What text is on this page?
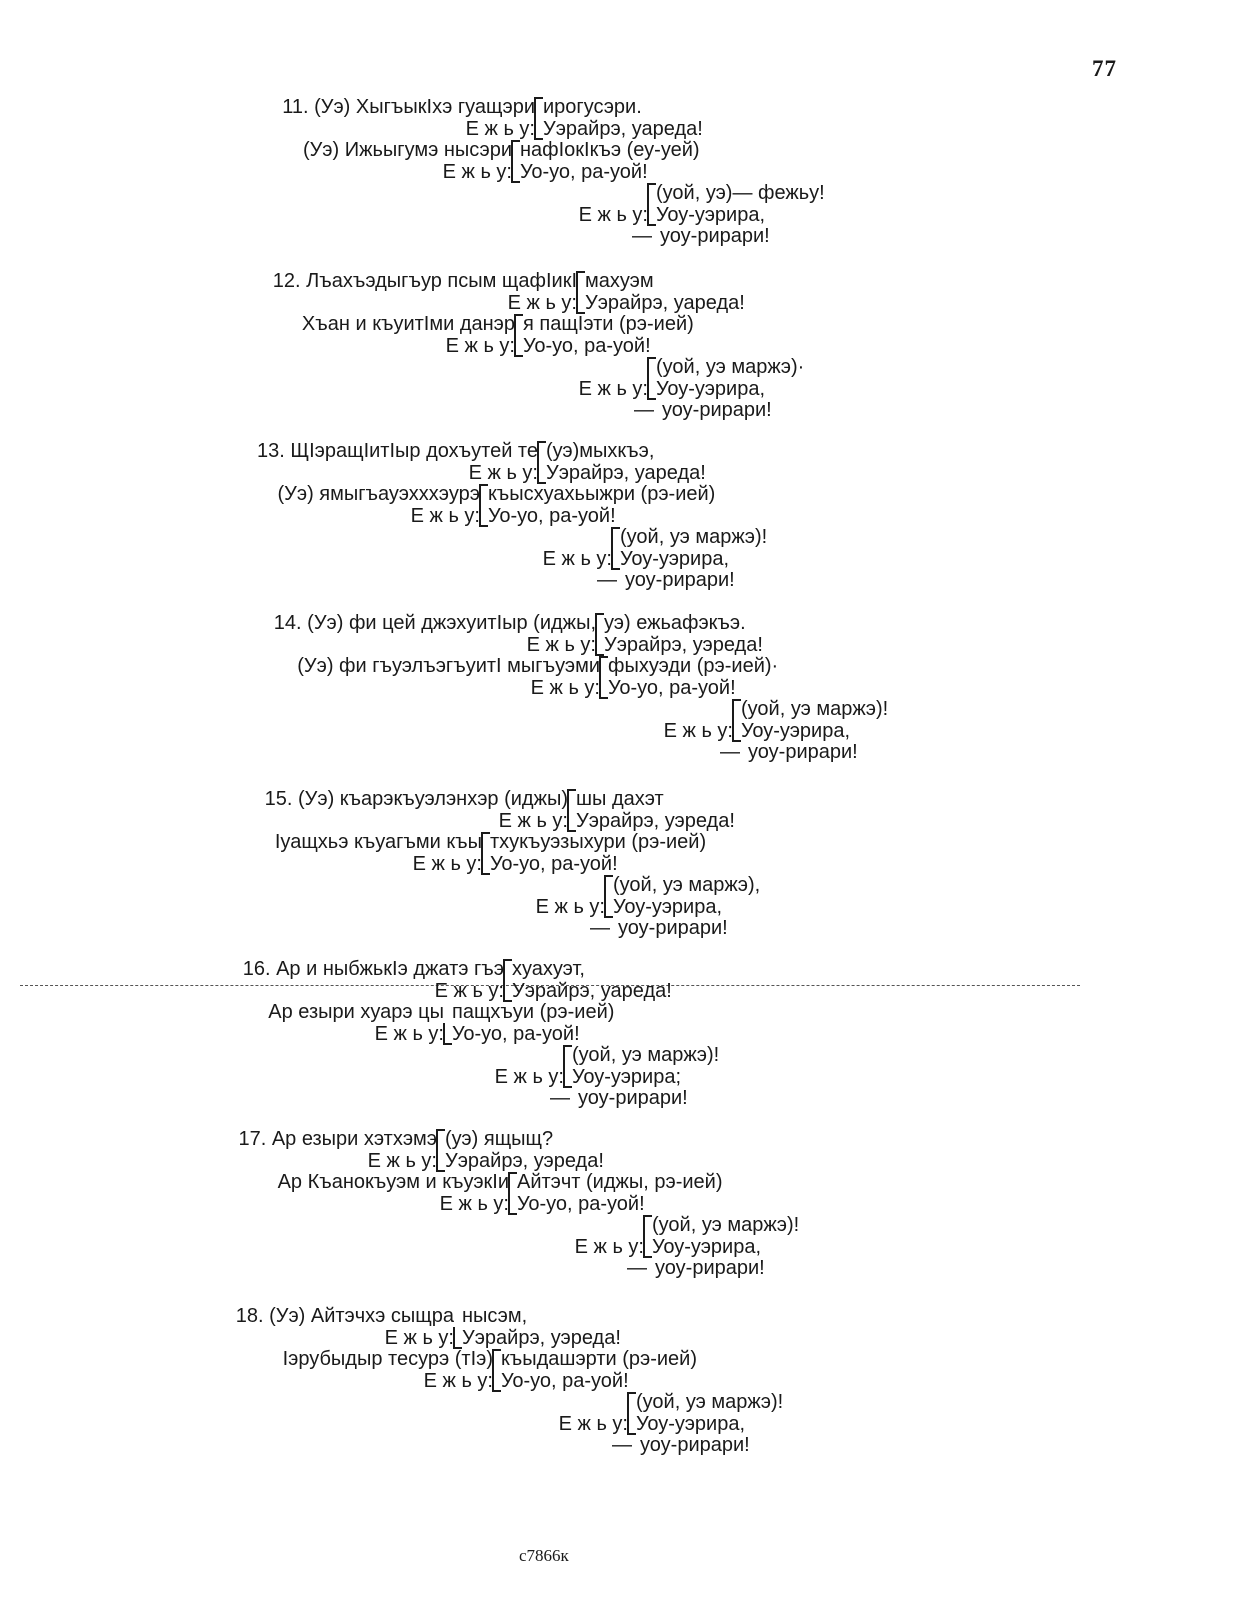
77
11. (Уэ) ХыгъыкIхэ гуащэри ирогусэри.
Е ж ь у: Уэрайрэ, уареда!
(Уэ) Ижьыгумэ нысэри нафIокIкъэ (еу-уей)
Е ж ь у: Уо-уо, ра-уой!
(уой, уэ)— фежьу!
Е ж ь у: Уоу-уэрира,
— уоу-рирари!
12. Лъахъэдыгъур псым щафIикI махуэм
Е ж ь у: Уэрайрэ, уареда!
Хъан и къуитIми данэр я пащIэти (рэ-ией)
Е ж ь у: Уо-уо, ра-уой!
(уой, уэ маржэ)·
Е ж ь у: Уоу-уэрира,
— уоу-рирари!
13. ЩIэращIитIыр дохъутей те (уэ)мыхкъэ,
Е ж ь у: Уэрайрэ, уареда!
(Уэ) ямыгъауэхххэурэ къысхуахьыжри (рэ-ией)
Е ж ь у: Уо-уо, ра-уой!
(уой, уэ маржэ)!
Е ж ь у: Уоу-уэрира,
— уоу-рирари!
14. (Уэ) фи цей джэхуитIыр (иджы, уэ) ежьафэкъэ.
Е ж ь у: Уэрайрэ, уэреда!
(Уэ) фи гъуэлъэгъуитI мыгъуэми фыхуэди (рэ-ией)·
Е ж ь у: Уо-уо, ра-уой!
(уой, уэ маржэ)!
Е ж ь у: Уоу-уэрира,
— уоу-рирари!
15. (Уэ) къарэкъуэлэнхэр (иджы) шы дахэт
Е ж ь у: Уэрайрэ, уэреда!
Iуащхьэ къуагъми къы тхукъуэзыхури (рэ-ией)
Е ж ь у: Уо-уо, ра-уой!
(уой, уэ маржэ),
Е ж ь у: Уоу-уэрира,
— уоу-рирари!
16. Ар и ныбжькIэ джатэ гъэ хуахуэт,
Е ж ь у: Уэрайрэ, уареда!
Ар езыри хуарэ цы пащхъуи (рэ-ией)
Е ж ь у: Уо-уо, ра-уой!
(уой, уэ маржэ)!
Е ж ь у: Уоу-уэрира;
— уоу-рирари!
17. Ар езыри хэтхэмэ (уэ) ящыщ?
Е ж ь у: Уэрайрэ, уэреда!
Ар Къанокъуэм и къуэкIи Айтэчт (иджы, рэ-ией)
Е ж ь у: Уо-уо, ра-уой!
(уой, уэ маржэ)!
Е ж ь у: Уоу-уэрира,
— уоу-рирари!
18. (Уэ) Айтэчхэ сыщра нысэм,
Е ж ь у: Уэрайрэ, уэреда!
Iэрубыдыр тесурэ (тIэ) къыдашэрти (рэ-ией)
Е ж ь у: Уо-уо, ра-уой!
(уой, уэ маржэ)!
Е ж ь у: Уоу-уэрира,
— уоу-рирари!
с7866к
